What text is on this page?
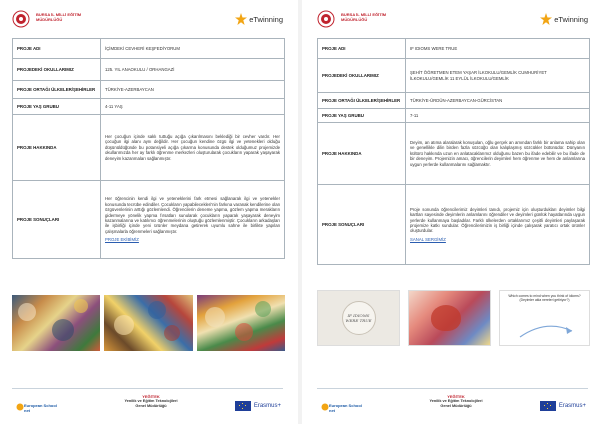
BURSA İL MİLLİ EĞİTİM MÜDÜRLÜĞÜ	eTwinning
PROJE ADI	İÇİMDEKİ CEVHERİ KEŞFEDİYORUM
PROJEDEKİ OKULLARIMIZ	125. YIL ANAOKULU / ORHANGAZİ
PROJE ORTAĞI ÜLKELER/ŞEHİRLER	TÜRKİYE-AZERBAYCAN
PROJE YAŞ GRUBU	4-11 YAŞ
PROJE HAKKINDA	Her çocuğun içinde saklı tuttuğu açığa çıkarılmasını beklediği bir cevher vardır. Her çocuğun ilgi alanı aynı değildir. Her çocuğun kendine özgü ilgi ve yetenekleri olduğu düşünüldüğünde bu potansiyeli açığa çıkarma konusunda destek olduğumuz projemizde okullarımızda her ay farklı öğrenme merkezleri oluşturularak çocukların yaparak yaşayarak deneyim kazanmaları sağlanmıştır.
PROJE SONUÇLARI	Her öğrencinin kendi ilgi ve yeteneklerini fark etmesi sağlanarak ilgi ve yetenekler konusunda tecrübe edindiler. Çocukların yapabilecekleri'nin farkına varanak kendilerine olan özgüvenlerinin arttığı gözlemlendi. Öğrencilerin deneme yapma, gözlem yapma merakların gidermeye yönelik yapma fırsatları sunularak çocukların yaparak yaşayarak deneyim kazanmalarına ve katılımcı öğrenmelerinin oluştuğu gözlemlenmiştir. Çocukların arkadaşları ile işbirliği içinde yeni ürünler meydana getirerek uyumlu sahne ile birlikte yapılan çalışmalarla öğrenmeleri sağlanmıştır.
PROJE EKİBİMİZ
European School net
YEĞİTEK
Yenilik ve Eğitim Teknolojileri
Genel Müdürlüğü	Erasmus+
BURSA İL MİLLİ EĞİTİM MÜDÜRLÜĞÜ	eTwinning
PROJE ADI	IF IDIOMS WERE TRUE
PROJEDEKİ OKULLARIMIZ	ŞEHİT ÖĞRETMEN ETEM YAŞAR İLKOKULU/GEMLİK CUMHURİYET İLKOKULU/GEMLİK 11 EYLÜL İLKOKULU/GEMLİK
PROJE ORTAĞI ÜLKELER/ŞEHİRLER	TÜRKİYE-ÜRDÜN-AZERBAYCAN-GÜRCİSTAN
PROJE YAŞ GRUBU	7-11
PROJE HAKKINDA	Deyim, an atıma alaralarak konuşulan, oğlu gerçek an amından farklı bir anlama sahip olan ve genellikle dilin birden fazla sözcüğü olan kalıplaşmış sözcükler bütünüdür. Dünyanın kültürü hakkında uzun en anlatacaklarımız olduğunu bazen bu ifade edebilir ve bu ifade de bir deneyim. Projemizin amacı, öğrencilerin deyimleri hem öğrenme ve hem de anlamlarına uygun yerlerde kullanmalarını sağlamaktır.
PROJE SONUÇLARI	Proje sonunda öğrencilerimiz deyimleri tanıdı, projemiz için oluşturdukları deyimler bilgi kartları sayesinde deyimlerin anlamlarını öğrendiler ve deyimleri günlük hayatlarında uygun yerlerde kullanmaya başladılar. Farklı ülkelerden ortaklarımız çeşitli deyimleri paylaşarak projemize katkı sundular. Öğrencilerimizin iş birliği içinde çalışarak yaratıcı ortak ürünler oluşturdular.
SANAL SERGİMİZ
IF IDIOMS WERE TRUE
Which comes to mind when you think of idioms? (Deyimler akla nereleri getiriyor?)
European School net
YEĞİTEK
Yenilik ve Eğitim Teknolojileri
Genel Müdürlüğü	Erasmus+
